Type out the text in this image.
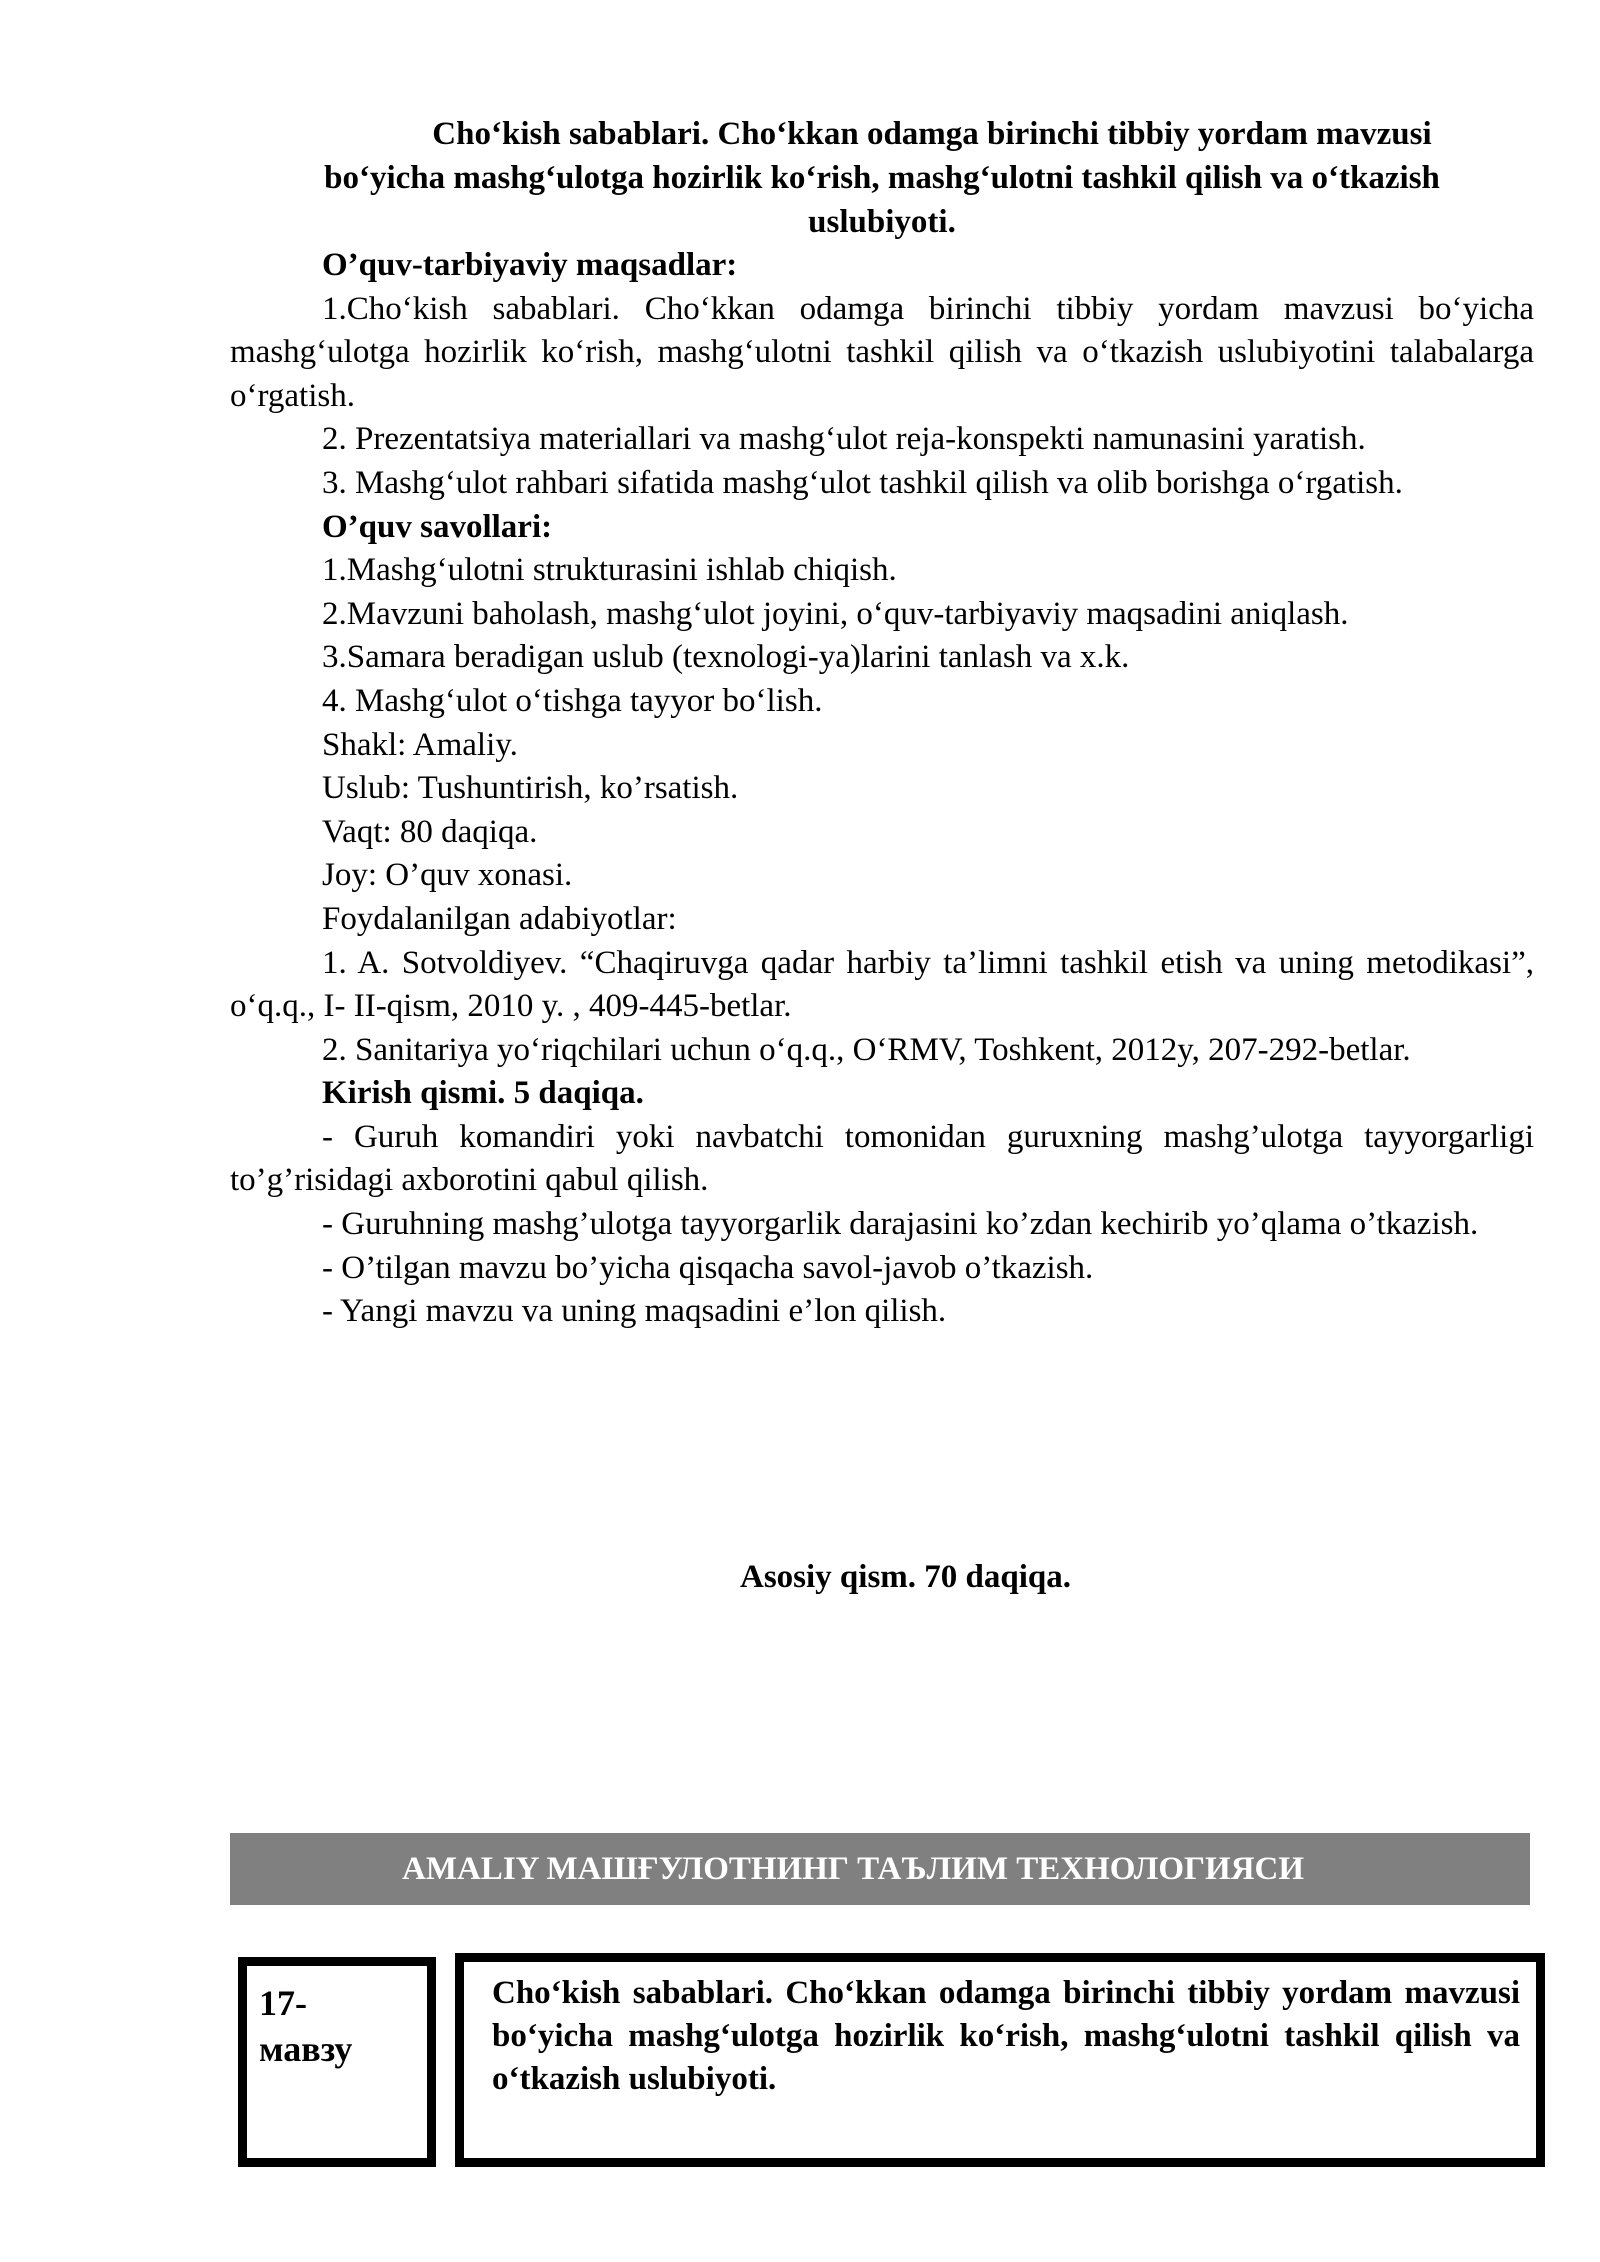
Cho‘kish sabablari. Cho‘kkan odamga birinchi tibbiy yordam mavzusi
bo‘yicha mashg‘ulotga hozirlik ko‘rish, mashg‘ulotni tashkil qilish va o‘tkazish
uslubiyoti.
O’quv-tarbiyaviy maqsadlar:
1.Cho‘kish sabablari. Cho‘kkan odamga birinchi tibbiy yordam mavzusi bo‘yicha mashg‘ulotga hozirlik ko‘rish, mashg‘ulotni tashkil qilish va o‘tkazish uslubiyotini talabalarga o‘rgatish.
2. Prezentatsiya materiallari va mashg‘ulot reja-konspekti namunasini yaratish.
3. Mashg‘ulot rahbari sifatida mashg‘ulot tashkil qilish va olib borishga o‘rgatish.
O’quv savollari:
1.Mashg‘ulotni strukturasini ishlab chiqish.
2.Mavzuni baholash, mashg‘ulot joyini, o‘quv-tarbiyaviy maqsadini aniqlash.
3.Samara beradigan uslub (texnologi-ya)larini tanlash va x.k.
4. Mashg‘ulot o‘tishga tayyor bo‘lish.
Shakl: Amaliy.
Uslub: Tushuntirish, ko’rsatish.
Vaqt: 80 daqiqa.
Joy: O’quv xonasi.
Foydalanilgan adabiyotlar:
1. A. Sotvoldiyev. “Chaqiruvga qadar harbiy ta’limni tashkil etish va uning metodikasi”, o‘q.q., I- II-qism, 2010 y. , 409-445-betlar.
2. Sanitariya yo‘riqchilari uchun o‘q.q., O‘RMV, Toshkent, 2012y, 207-292-betlar.
Kirish qismi. 5 daqiqa.
- Guruh komandiri yoki navbatchi tomonidan guruxning mashg’ulotga tayyorgarligi to’g’risidagi axborotini qabul qilish.
- Guruhning mashg’ulotga tayyorgarlik darajasini ko’zdan kechirib yo’qlama o’tkazish.
- O’tilgan mavzu bo’yicha qisqacha savol-javob o’tkazish.
- Yangi mavzu va uning maqsadini e’lon qilish.
Asosiy qism. 70 daqiqa.
AMALIY МАШҒУЛОТНИНГ ТАЪЛИМ ТЕХНОЛОГИЯСИ
17-
мавзу
Cho‘kish sabablari. Cho‘kkan odamga birinchi tibbiy yordam mavzusi bo‘yicha mashg‘ulotga hozirlik ko‘rish, mashg‘ulotni tashkil qilish va o‘tkazish uslubiyoti.
